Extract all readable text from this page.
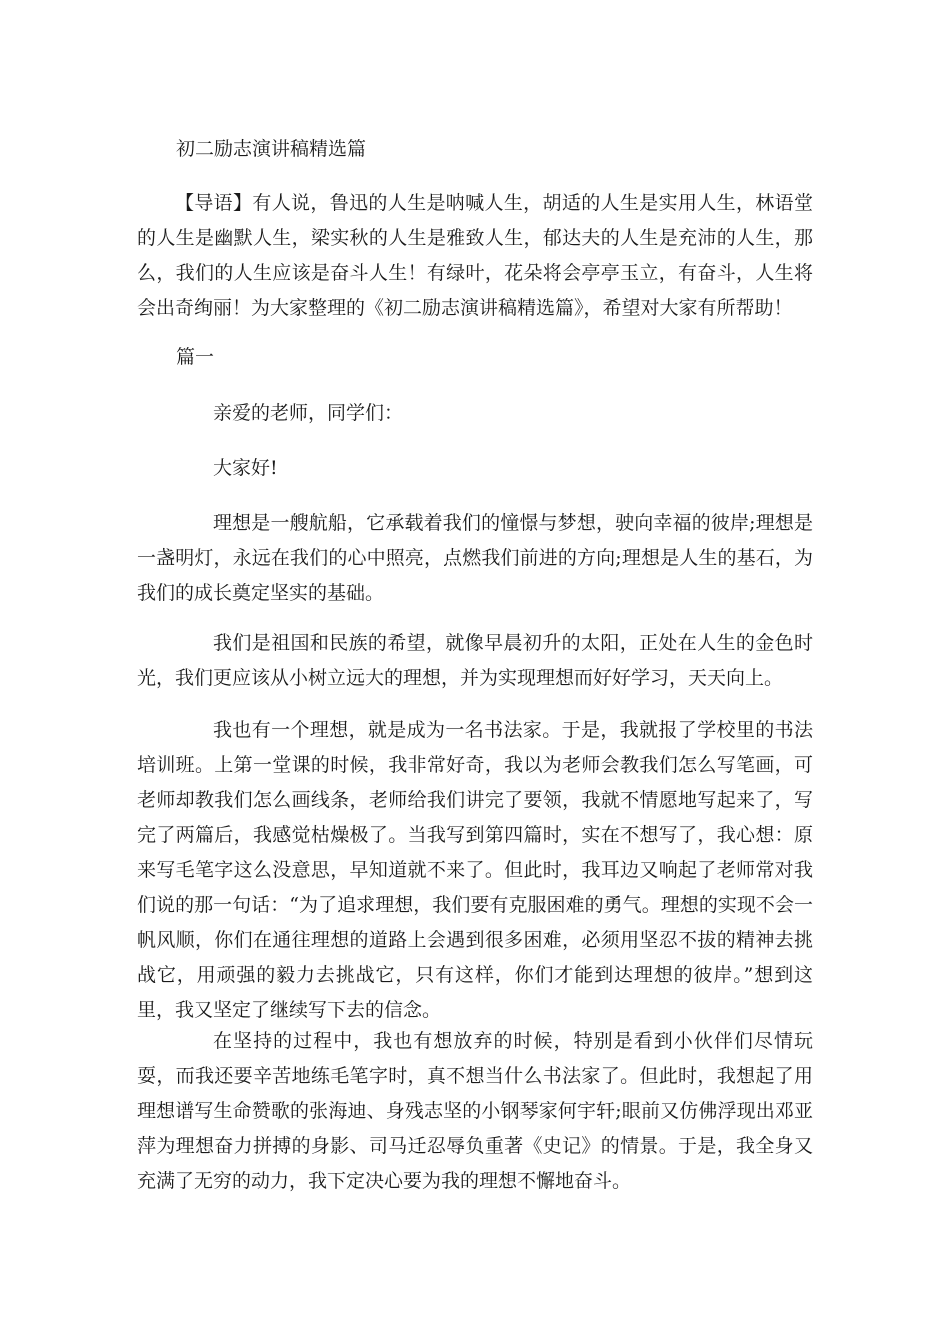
初二励志演讲稿精选篇

【导语】有人说，鲁迅的人生是呐喊人生，胡适的人生是实用人生，林语堂的人生是幽默人生，梁实秋的人生是雅致人生，郁达夫的人生是充沛的人生，那么，我们的人生应该是奋斗人生！有绿叶，花朵将会亭亭玉立，有奋斗，人生将会出奇绚丽！为大家整理的《初二励志演讲稿精选篇》，希望对大家有所帮助！

篇一

亲爱的老师，同学们：

大家好!

理想是一艘航船，它承载着我们的憧憬与梦想，驶向幸福的彼岸;理想是一盏明灯，永远在我们的心中照亮，点燃我们前进的方向;理想是人生的基石，为我们的成长奠定坚实的基础。

我们是祖国和民族的希望，就像早晨初升的太阳，正处在人生的金色时光，我们更应该从小树立远大的理想，并为实现理想而好好学习，天天向上。

我也有一个理想，就是成为一名书法家。于是，我就报了学校里的书法培训班。上第一堂课的时候，我非常好奇，我以为老师会教我们怎么写笔画，可老师却教我们怎么画线条，老师给我们讲完了要领，我就不情愿地写起来了，写完了两篇后，我感觉枯燥极了。当我写到第四篇时，实在不想写了，我心想：原来写毛笔字这么没意思，早知道就不来了。但此时，我耳边又响起了老师常对我们说的那一句话：“为了追求理想，我们要有克服困难的勇气。理想的实现不会一帆风顺，你们在通往理想的道路上会遇到很多困难，必须用坚忍不拔的精神去挑战它，用顽强的毅力去挑战它，只有这样，你们才能到达理想的彼岸。”想到这里，我又坚定了继续写下去的信念。

在坚持的过程中，我也有想放弃的时候，特别是看到小伙伴们尽情玩耍，而我还要辛苦地练毛笔字时，真不想当什么书法家了。但此时，我想起了用理想谱写生命赞歌的张海迪、身残志坚的小钢琴家何宇轩;眼前又仿佛浮现出邓亚萍为理想奋力拼搏的身影、司马迁忍辱负重著《史记》的情景。于是，我全身又充满了无穷的动力，我下定决心要为我的理想不懈地奋斗。
